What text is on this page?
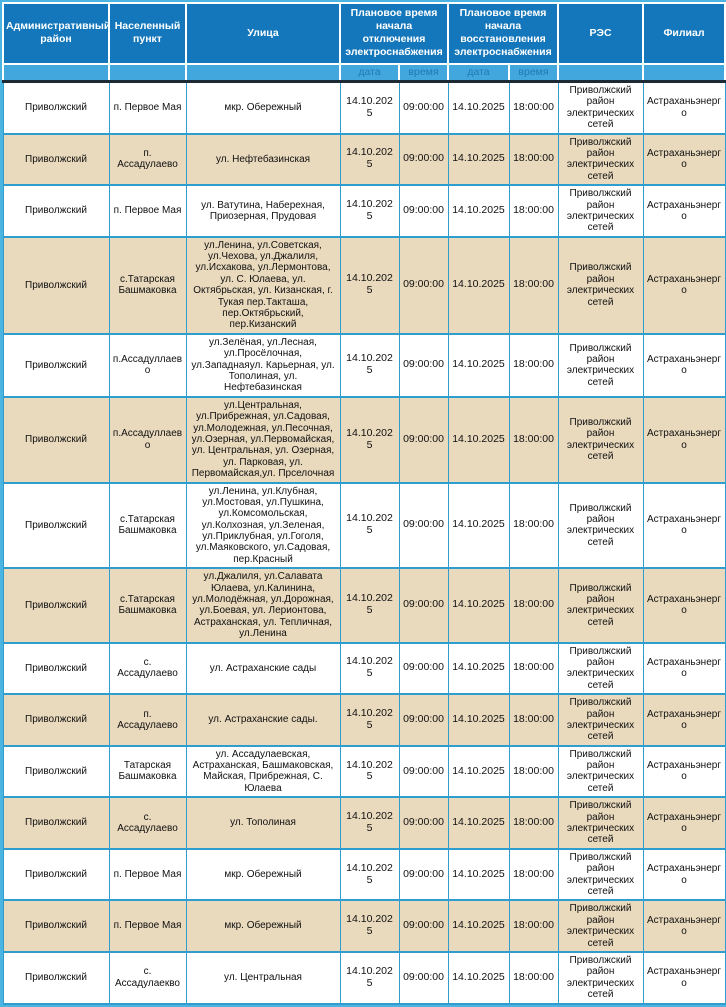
Административный район	Населенный пункт	Улица	Плановое время начала отключения электроснабжения		Плановое время начала восстановления электроснабжения		РЭС	Филиал
			дата	время	дата	время		
Приволжский	п. Первое Мая	мкр. Обережный	14.10.2025	09:00:00	14.10.2025	18:00:00	Приволжский район электрических сетей	Астраханьэнерго
Приволжский	п. Ассадулаево	ул. Нефтебазинская	14.10.2025	09:00:00	14.10.2025	18:00:00	Приволжский район электрических сетей	Астраханьэнерго
Приволжский	п. Первое Мая	ул. Ватутина, Наберехная, Приозерная, Прудовая	14.10.2025	09:00:00	14.10.2025	18:00:00	Приволжский район электрических сетей	Астраханьэнерго
Приволжский	с.Татарская Башмаковка	ул.Ленина, ул.Советская, ул.Чехова, ул.Джалиля, ул.Исхакова, ул.Лермонтова, ул. С. Юлаева, ул. Октябрьская, ул. Кизанская, г. Тукая пер.Такташа, пер.Октябрьский, пер.Кизанский	14.10.2025	09:00:00	14.10.2025	18:00:00	Приволжский район электрических сетей	Астраханьэнерго
Приволжский	п.Ассадуллаево	ул.Зелёная, ул.Лесная, ул.Просёлочная, ул.Западнаяул. Карьерная, ул. Тополиная, ул. Нефтебазинская	14.10.2025	09:00:00	14.10.2025	18:00:00	Приволжский район электрических сетей	Астраханьэнерго
Приволжский	п.Ассадуллаево	ул.Центральная, ул.Прибрежная, ул.Садовая, ул.Молодежная, ул.Песочная, ул.Озерная, ул.Первомайская, ул. Центральная, ул. Озерная, ул. Парковая, ул. Первомайская,ул. Прселочная	14.10.2025	09:00:00	14.10.2025	18:00:00	Приволжский район электрических сетей	Астраханьэнерго
Приволжский	с.Татарская Башмаковка	ул.Ленина, ул.Клубная, ул.Мостовая, ул.Пушкина, ул.Комсомольская, ул.Колхозная, ул.Зеленая, ул.Приклубная, ул.Гоголя, ул.Маяковского, ул.Садовая, пер.Красный	14.10.2025	09:00:00	14.10.2025	18:00:00	Приволжский район электрических сетей	Астраханьэнерго
Приволжский	с.Татарская Башмаковка	ул.Джалиля, ул.Салавата Юлаева, ул.Калинина, ул.Молодёжная, ул.Дорожная, ул.Боевая, ул. Лерионтова, Астраханская, ул. Тепличная, ул.Ленина	14.10.2025	09:00:00	14.10.2025	18:00:00	Приволжский район электрических сетей	Астраханьэнерго
Приволжский	с. Ассадулаево	ул. Астраханские сады	14.10.2025	09:00:00	14.10.2025	18:00:00	Приволжский район электрических сетей	Астраханьэнерго
Приволжский	п. Ассадулаево	ул. Астраханские сады.	14.10.2025	09:00:00	14.10.2025	18:00:00	Приволжский район электрических сетей	Астраханьэнерго
Приволжский	Татарская Башмаковка	ул. Ассадулаевская, Астраханская, Башмаковская, Майская, Прибрежная, С. Юлаева	14.10.2025	09:00:00	14.10.2025	18:00:00	Приволжский район электрических сетей	Астраханьэнерго
Приволжский	с. Ассадулаево	ул. Тополиная	14.10.2025	09:00:00	14.10.2025	18:00:00	Приволжский район электрических сетей	Астраханьэнерго
Приволжский	п. Первое Мая	мкр. Обережный	14.10.2025	09:00:00	14.10.2025	18:00:00	Приволжский район электрических сетей	Астраханьэнерго
Приволжский	п. Первое Мая	мкр. Обережный	14.10.2025	09:00:00	14.10.2025	18:00:00	Приволжский район электрических сетей	Астраханьэнерго
Приволжский	с. Ассадулаекво	ул. Центральная	14.10.2025	09:00:00	14.10.2025	18:00:00	Приволжский район электрических сетей	Астраханьэнерго
